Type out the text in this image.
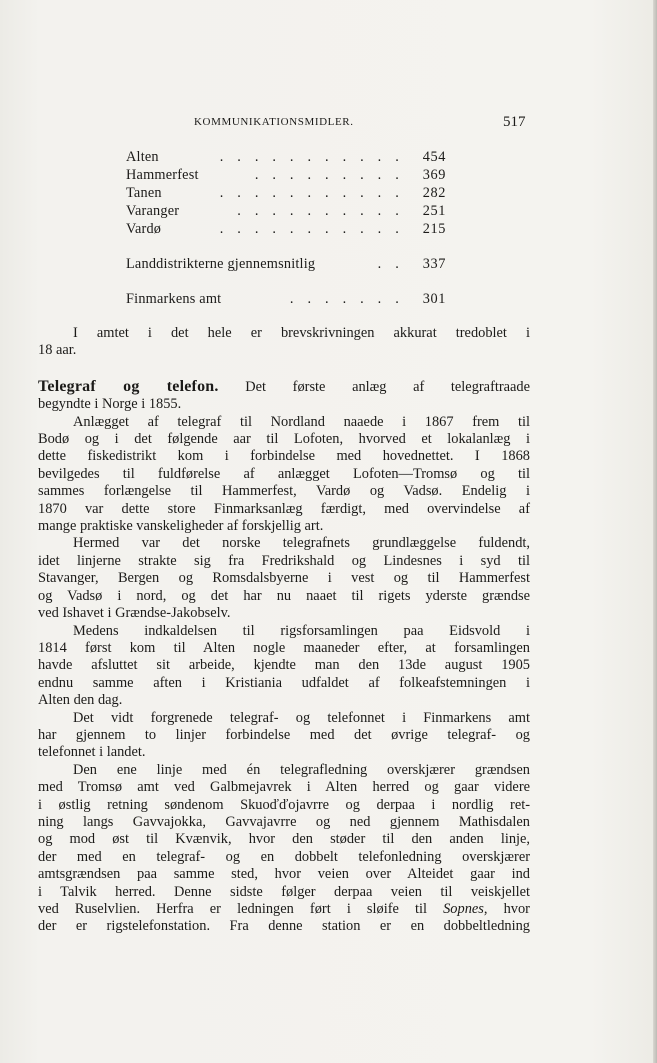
KOMMUNIKATIONSMIDLER.	517
Alten	. . . . . . . . . . . 454
Hammerfest	. . . . . . . . . 369
Tanen	. . . . . . . . . . . 282
Varanger	. . . . . . . . . . 251
Vardø	. . . . . . . . . . . 215
Landdistrikterne gjennemsnitlig	. . 337
Finmarkens amt	. . . . . . . 301
I amtet i det hele er brevskrivningen akkurat tredoblet i
18 aar.
Telegraf og telefon. Det første anlæg af telegraftraade
begyndte i Norge i 1855.
Anlægget af telegraf til Nordland naaede i 1867 frem til
Bodø og i det følgende aar til Lofoten, hvorved et lokalanlæg i
dette fiskedistrikt kom i forbindelse med hovednettet. I 1868
bevilgedes til fuldførelse af anlægget Lofoten—Tromsø og til
sammes forlængelse til Hammerfest, Vardø og Vadsø. Endelig i
1870 var dette store Finmarksanlæg færdigt, med overvindelse af
mange praktiske vanskeligheder af forskjellig art.
Hermed var det norske telegrafnets grundlæggelse fuldendt,
idet linjerne strakte sig fra Fredrikshald og Lindesnes i syd til
Stavanger, Bergen og Romsdalsbyerne i vest og til Hammerfest
og Vadsø i nord, og det har nu naaet til rigets yderste grændse
ved Ishavet i Grændse-Jakobselv.
Medens indkaldelsen til rigsforsamlingen paa Eidsvold i
1814 først kom til Alten nogle maaneder efter, at forsamlingen
havde afsluttet sit arbeide, kjendte man den 13de august 1905
endnu samme aften i Kristiania udfaldet af folkeafstemningen i
Alten den dag.
Det vidt forgrenede telegraf- og telefonnet i Finmarkens amt
har gjennem to linjer forbindelse med det øvrige telegraf- og
telefonnet i landet.
Den ene linje med én telegrafledning overskjærer grændsen
med Tromsø amt ved Galbmejavrek i Alten herred og gaar videre
i østlig retning søndenom Skuoďďojavrre og derpaa i nordlig ret-
ning langs Gavvajokka, Gavvajavrre og ned gjennem Mathisdalen
og mod øst til Kvænvik, hvor den støder til den anden linje,
der med en telegraf- og en dobbelt telefonledning overskjærer
amtsgrændsen paa samme sted, hvor veien over Alteidet gaar ind
i Talvik herred. Denne sidste følger derpaa veien til veiskjellet
ved Ruselvlien. Herfra er ledningen ført i sløife til Sopnes, hvor
der er rigstelefonstation. Fra denne station er en dobbeltledning
